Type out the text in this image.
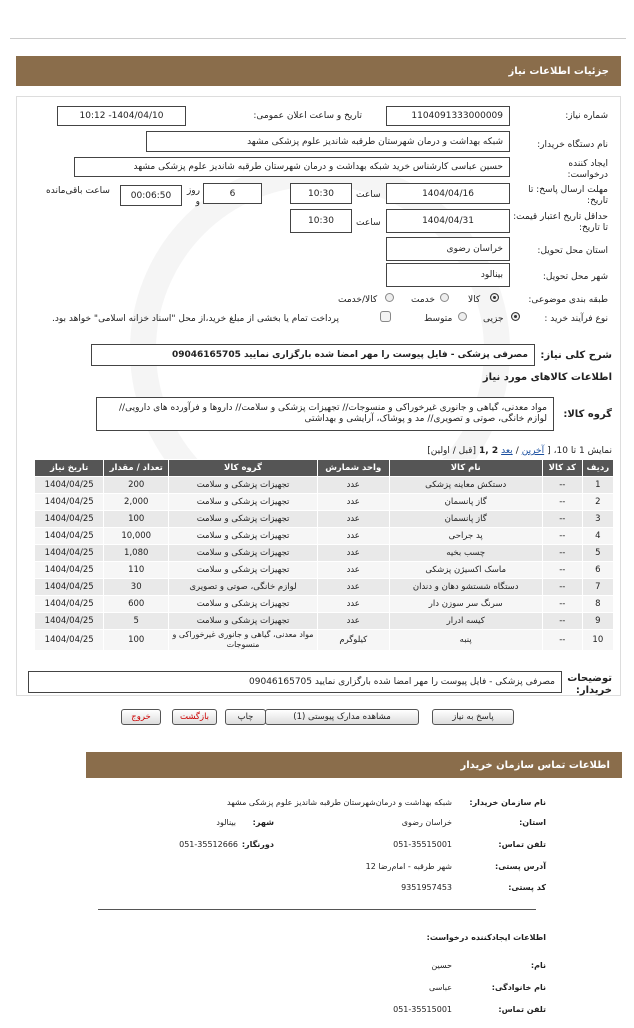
جزئیات اطلاعات نیاز
شماره نیاز:
1104091333000009
تاریخ و ساعت اعلان عمومی:
1404/04/10- 10:12
نام دستگاه خریدار:
شبکه بهداشت و درمان شهرستان طرقبه شاندیز علوم پزشکی مشهد
ایجاد کننده درخواست:
حسین عباسی کارشناس خرید شبکه بهداشت و درمان شهرستان طرقبه شاندیز علوم پزشکی مشهد
مهلت ارسال پاسخ: تا تاریخ:
1404/04/16
ساعت
10:30
6
روز و
00:06:50
ساعت باقی‌مانده
حداقل تاریخ اعتبار قیمت: تا تاریخ:
1404/04/31
ساعت
10:30
استان محل تحویل:
خراسان رضوی
شهر محل تحویل:
بینالود
طبقه بندی موضوعی:
کالا
خدمت
کالا/خدمت
نوع فرآیند خرید :
جزیی
متوسط
پرداخت تمام یا بخشی از مبلغ خرید،از محل "اسناد خزانه اسلامی" خواهد بود.
شرح کلی نیاز:
مصرفی پزشکی - فایل پیوست را مهر امضا شده بارگزاری نمایید 09046165705
اطلاعات کالاهای مورد نیاز
گروه کالا:
مواد معدنی، گیاهی و جانوری غیرخوراکی و منسوجات// تجهیزات پزشکی و سلامت// داروها و فرآورده های دارویی// لوازم خانگی، صوتی و تصویری// مد و پوشاک، آرایشی و بهداشتی
نمایش 1 تا 10،
[
آخرین
/
بعد
2 ,1
[قبل / اولین]
ردیف	کد کالا	نام کالا	واحد شمارش	گروه کالا	تعداد / مقدار	تاریخ نیاز
1	--	دستکش معاینه پزشکی	عدد	تجهیزات پزشکی و سلامت	200	1404/04/25
2	--	گاز پانسمان	عدد	تجهیزات پزشکی و سلامت	2,000	1404/04/25
3	--	گاز پانسمان	عدد	تجهیزات پزشکی و سلامت	100	1404/04/25
4	--	پد جراحی	عدد	تجهیزات پزشکی و سلامت	10,000	1404/04/25
5	--	چسب بخیه	عدد	تجهیزات پزشکی و سلامت	1,080	1404/04/25
6	--	ماسک اکسیژن پزشکی	عدد	تجهیزات پزشکی و سلامت	110	1404/04/25
7	--	دستگاه شستشو دهان و دندان	عدد	لوازم خانگی، صوتی و تصویری	30	1404/04/25
8	--	سرنگ سر سوزن دار	عدد	تجهیزات پزشکی و سلامت	600	1404/04/25
9	--	کیسه ادرار	عدد	تجهیزات پزشکی و سلامت	5	1404/04/25
10	--	پنبه	کیلوگرم	مواد معدنی، گیاهی و جانوری غیرخوراکی و منسوجات	100	1404/04/25
توضیحات خریدار:
مصرفی پزشکی - فایل پیوست را مهر امضا شده بارگزاری نمایید 09046165705
پاسخ به نیاز
مشاهده مدارک پیوستی (1)
چاپ
بازگشت
خروج
اطلاعات تماس سازمان خریدار
نام سازمان خریدار:
شبکه بهداشت و درمان‌شهرستان طرقبه شاندیز علوم پزشکی مشهد
استان:
خراسان رضوی
شهر:
بینالود
تلفن تماس:
051-35515001
دورنگار:
051-35512666
آدرس پستی:
شهر طرقبه - امام‌رضا 12
کد پستی:
9351957453
اطلاعات ایجادکننده درخواست:
نام:
حسین
نام خانوادگی:
عباسی
تلفن تماس:
051-35515001
